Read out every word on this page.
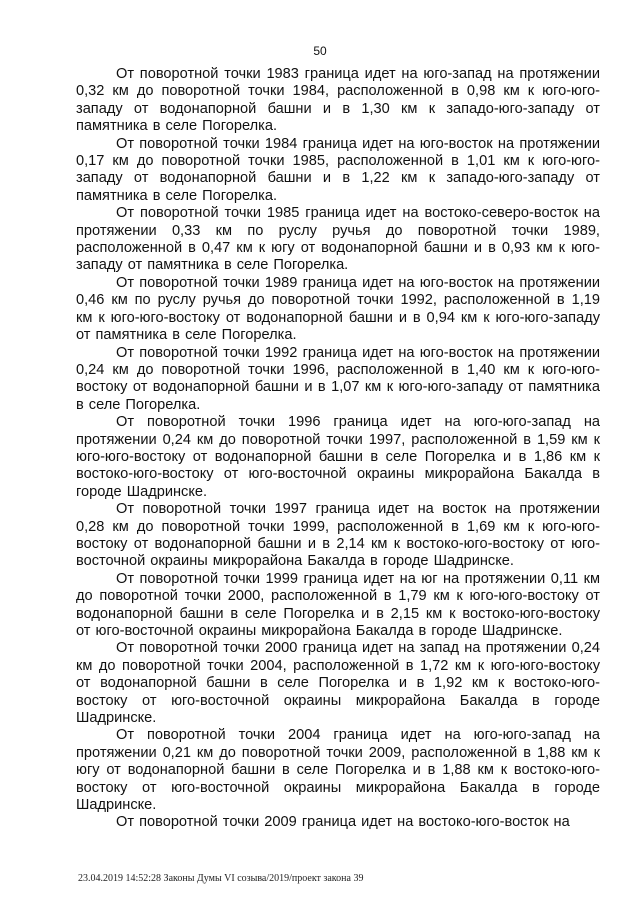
50

От поворотной точки 1983 граница идет на юго-запад на протяжении 0,32 км до поворотной точки 1984, расположенной в 0,98 км к юго-юго-западу от водонапорной башни и в 1,30 км к западо-юго-западу от памятника в селе Погорелка.

От поворотной точки 1984 граница идет на юго-восток на протяжении 0,17 км до поворотной точки 1985, расположенной в 1,01 км к юго-юго-западу от водонапорной башни и в 1,22 км к западо-юго-западу от памятника в селе Погорелка.

От поворотной точки 1985 граница идет на востоко-северо-восток на протяжении 0,33 км по руслу ручья до поворотной точки 1989, расположенной в 0,47 км к югу от водонапорной башни и в 0,93 км к юго-западу от памятника в селе Погорелка.

От поворотной точки 1989 граница идет на юго-восток на протяжении 0,46 км по руслу ручья до поворотной точки 1992, расположенной в 1,19 км к юго-юго-востоку от водонапорной башни и в 0,94 км к юго-юго-западу от памятника в селе Погорелка.

От поворотной точки 1992 граница идет на юго-восток на протяжении 0,24 км до поворотной точки 1996, расположенной в 1,40 км к юго-юго-востоку от водонапорной башни и в 1,07 км к юго-юго-западу от памятника в селе Погорелка.

От поворотной точки 1996 граница идет на юго-юго-запад на протяжении 0,24 км до поворотной точки 1997, расположенной в 1,59 км к юго-юго-востоку от водонапорной башни в селе Погорелка и в 1,86 км к востоко-юго-востоку от юго-восточной окраины микрорайона Бакалда в городе Шадринске.

От поворотной точки 1997 граница идет на восток на протяжении 0,28 км до поворотной точки 1999, расположенной в 1,69 км к юго-юго-востоку от водонапорной башни и в 2,14 км к востоко-юго-востоку от юго-восточной окраины микрорайона Бакалда в городе Шадринске.

От поворотной точки 1999 граница идет на юг на протяжении 0,11 км до поворотной точки 2000, расположенной в 1,79 км к юго-юго-востоку от водонапорной башни в селе Погорелка и в 2,15 км к востоко-юго-востоку от юго-восточной окраины микрорайона Бакалда в городе Шадринске.

От поворотной точки 2000 граница идет на запад на протяжении 0,24 км до поворотной точки 2004, расположенной в 1,72 км к юго-юго-востоку от водонапорной башни в селе Погорелка и в 1,92 км к востоко-юго-востоку от юго-восточной окраины микрорайона Бакалда в городе Шадринске.

От поворотной точки 2004 граница идет на юго-юго-запад на протяжении 0,21 км до поворотной точки 2009, расположенной в 1,88 км к югу от водонапорной башни в селе Погорелка и в 1,88 км к востоко-юго-востоку от юго-восточной окраины микрорайона Бакалда в городе Шадринске.

От поворотной точки 2009 граница идет на востоко-юго-восток на

23.04.2019 14:52:28 Законы Думы VI созыва/2019/проект закона 39
